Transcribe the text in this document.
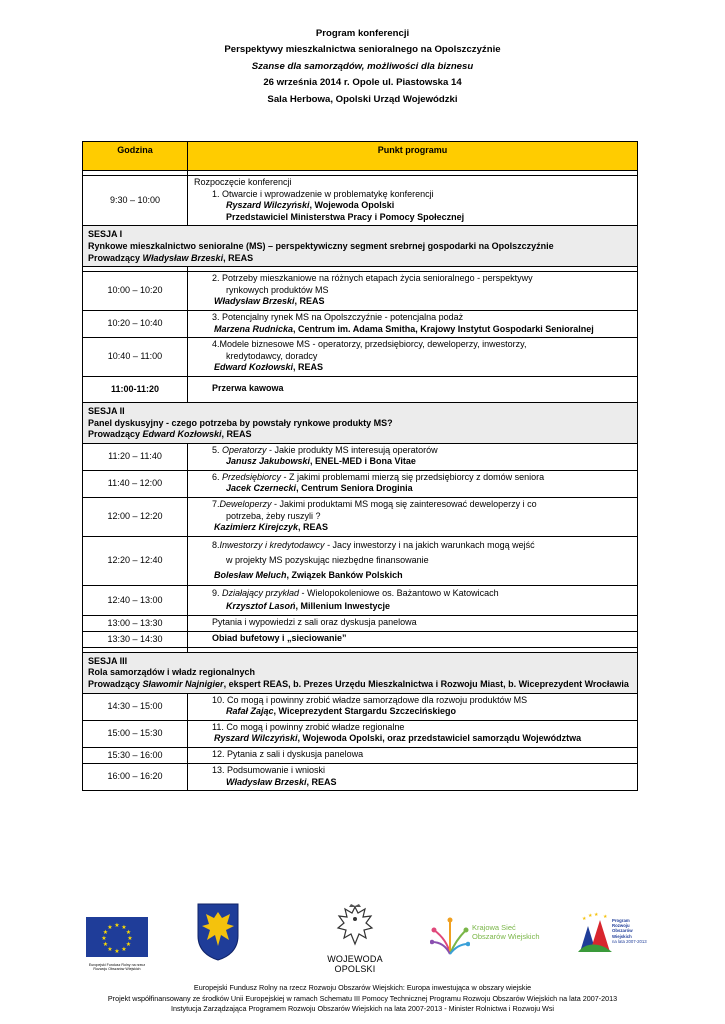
Program konferencji
Perspektywy mieszkalnictwa senioralnego na Opolszczyźnie
Szanse dla samorządów, możliwości dla biznesu
26 września 2014 r. Opole ul. Piastowska 14
Sala Herbowa, Opolski Urząd Wojewódzki
Godzina	Punkt programu

9:30 – 10:00	Rozpoczęcie konferencji
1. Otwarcie i wprowadzenie w problematykę konferencji
Ryszard Wilczyński, Wojewoda Opolski
Przedstawiciel Ministerstwa Pracy i Pomocy Społecznej

SESJA I
Rynkowe mieszkalnictwo senioralne (MS) – perspektywiczny segment srebrnej gospodarki na Opolszczyźnie
Prowadzący Władysław Brzeski, REAS	

10:00 – 10:20	2. Potrzeby mieszkaniowe na różnych etapach życia senioralnego - perspektywy
rynkowych produktów MS
Władysław Brzeski, REAS

10:20 – 10:40	3. Potencjalny rynek MS na Opolszczyźnie - potencjalna podaż
Marzena Rudnicka, Centrum im. Adama Smitha, Krajowy Instytut Gospodarki Senioralnej

10:40 – 11:00	4.Modele biznesowe MS - operatorzy, przedsiębiorcy, deweloperzy, inwestorzy,
kredytodawcy, doradcy
Edward Kozłowski, REAS

11:00-11:20	Przerwa kawowa

SESJA II
Panel dyskusyjny - czego potrzeba by powstały rynkowe produkty MS?
Prowadzący Edward Kozłowski, REAS	

11:20 – 11:40	5. Operatorzy - Jakie produkty MS interesują operatorów
Janusz Jakubowski, ENEL-MED i Bona Vitae

11:40 – 12:00	6. Przedsiębiorcy - Z jakimi problemami mierzą się przedsiębiorcy z domów seniora
Jacek Czernecki, Centrum Seniora Droginia

12:00 – 12:20	7.Deweloperzy - Jakimi produktami MS mogą się zainteresować deweloperzy i co
potrzeba, żeby ruszyli ?
Kazimierz Kirejczyk, REAS

12:20 – 12:40	8.Inwestorzy i kredytodawcy - Jacy inwestorzy i na jakich warunkach mogą wejść
w projekty MS pozyskując niezbędne finansowanie
Bolesław Meluch, Związek Banków Polskich

12:40 – 13:00	9. Działający przykład - Wielopokoleniowe os. Bażantowo w Katowicach
Krzysztof Lasoń, Millenium Inwestycje

13:00 – 13:30	Pytania i wypowiedzi z sali oraz dyskusja panelowa

13:30 – 14:30	Obiad bufetowy i „sieciowanie”

SESJA III
Rola samorządów i władz regionalnych
Prowadzący Sławomir Najnigier, ekspert REAS, b. Prezes Urzędu Mieszkalnictwa i Rozwoju Miast, b. Wiceprezydent Wrocławia	

14:30 – 15:00	10. Co mogą i powinny zrobić władze samorządowe dla rozwoju produktów MS
Rafał Zając, Wiceprezydent Stargardu Szczecińskiego

15:00 – 15:30	11. Co mogą i powinny zrobić władze regionalne
Ryszard Wilczyński, Wojewoda Opolski, oraz przedstawiciel samorządu Województwa

15:30 – 16:00	12. Pytania z sali i dyskusja panelowa

16:00 – 16:20	13. Podsumowanie i wnioski
Władysław Brzeski, REAS
★ ★
★
★
★
★
★
★
★
★
★
★
Europejski Fundusz Rolny na rzecz
Rozwoju Obszarów Wiejskich
WOJEWODA OPOLSKI
Krajowa Sieć
Obszarów Wiejskich
★ ★ ★ ★
Program
Rozwoju
Obszarów
Wiejskich
na lata 2007-2013
Europejski Fundusz Rolny na rzecz Rozwoju Obszarów Wiejskich: Europa inwestująca w obszary wiejskie
Projekt współfinansowany ze środków Unii Europejskiej w ramach Schematu III Pomocy Technicznej Programu Rozwoju Obszarów Wiejskich na lata 2007-2013
Instytucja Zarządzająca Programem Rozwoju Obszarów Wiejskich na lata 2007-2013 - Minister Rolnictwa i Rozwoju Wsi
